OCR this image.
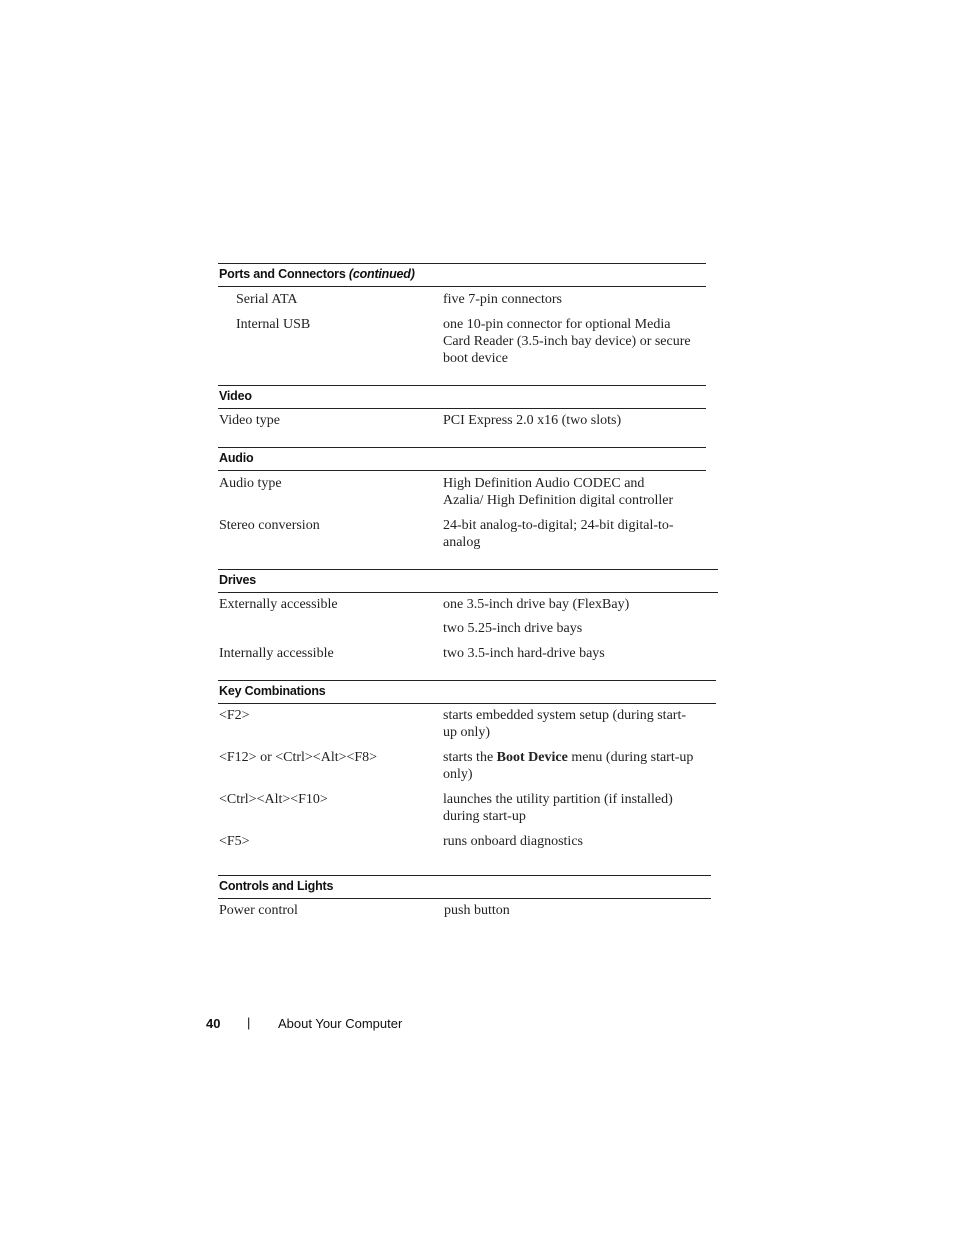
Ports and Connectors (continued)
Serial ATA	five 7-pin connectors
Internal USB	one 10-pin connector for optional Media
Card Reader (3.5-inch bay device) or secure
boot device
Video
Video type	PCI Express 2.0 x16 (two slots)
Audio
Audio type	High Definition Audio CODEC and
Azalia/ High Definition digital controller
Stereo conversion	24-bit analog-to-digital; 24-bit digital-to-
analog
Drives
Externally accessible	one 3.5-inch drive bay (FlexBay)
two 5.25-inch drive bays
Internally accessible	two 3.5-inch hard-drive bays
Key Combinations
<F2>	starts embedded system setup (during start-
up only)
<F12> or <Ctrl><Alt><F8>	starts the Boot Device menu (during start-up
only)
<Ctrl><Alt><F10>	launches the utility partition (if installed)
during start-up
<F5>	runs onboard diagnostics
Controls and Lights
Power control	push button
40 | About Your Computer
